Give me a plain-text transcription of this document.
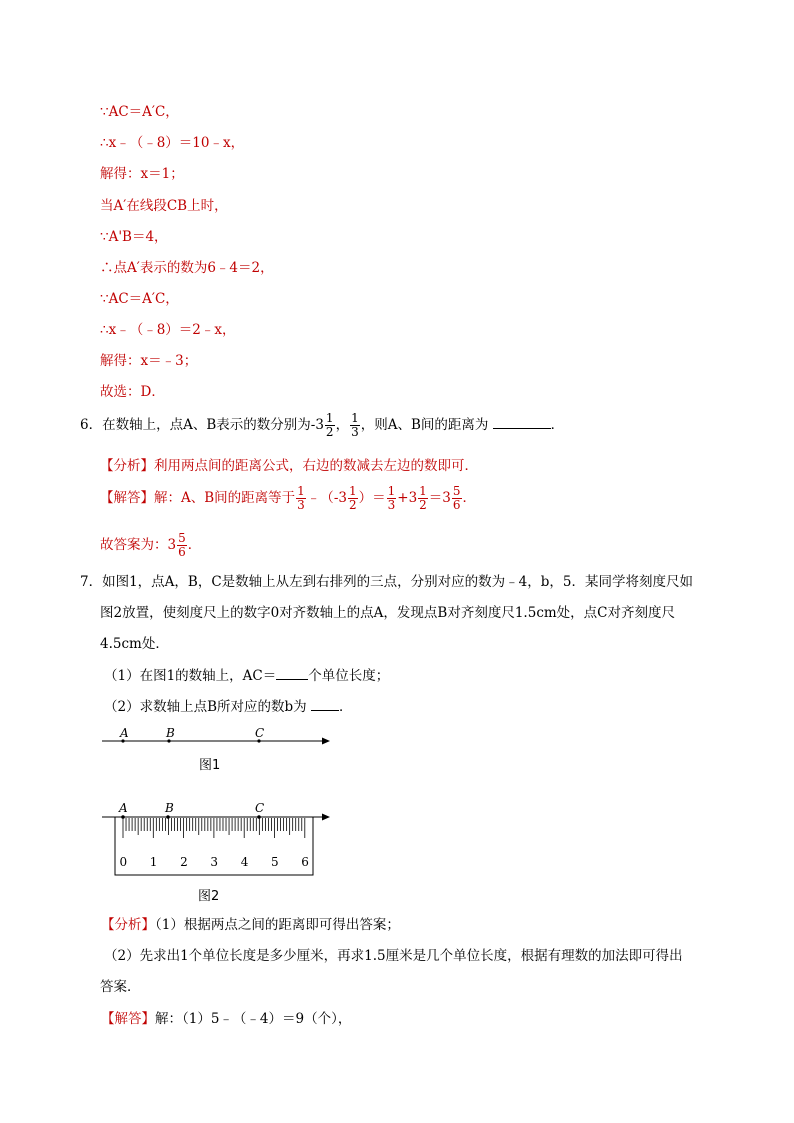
∵AC＝A′C，
∴x﹣（﹣8）＝10﹣x，
解得：x＝1；
当A′在线段CB上时，
∵A'B＝4，
∴点A′表示的数为6﹣4＝2，
∵AC＝A′C，
∴x﹣（﹣8）＝2﹣x，
解得：x＝﹣3；
故选：D．
6．在数轴上，点A、B表示的数分别为$-3 \frac{1}{2}$ ， $\frac{1}{3}$ ，则A、B间的距离为	．
【分析】利用两点间的距离公式，右边的数减去左边的数即可．
【解答】解：A、B间的距离等于 $\frac{1}{3}$ ﹣（-3 $\frac{1}{2}$ ）＝ $\frac{1}{3} +3 \frac{1}{2} =3 \frac{5}{6}$ ．
故答案为：$3 \frac{5}{6}$ ．
7．如图1，点A，B，C是数轴上从左到右排列的三点，分别对应的数为﹣4，b，5．某同学将刻度尺如
图2放置，使刻度尺上的数字0对齐数轴上的点A，发现点B对齐刻度尺1.5cm处，点C对齐刻度尺
4.5cm处．
（1）在图1的数轴上，AC＝ 个单位长度；
（2）求数轴上点B所对应的数b为 ．
A	B	C
图1
A	B	C
0 1 2 3 4 5 6
图2
【分析】（1）根据两点之间的距离即可得出答案；
（2）先求出1个单位长度是多少厘米，再求1.5厘米是几个单位长度，根据有理数的加法即可得出
答案．
【解答】解：（1）5﹣（﹣4）＝9（个），
